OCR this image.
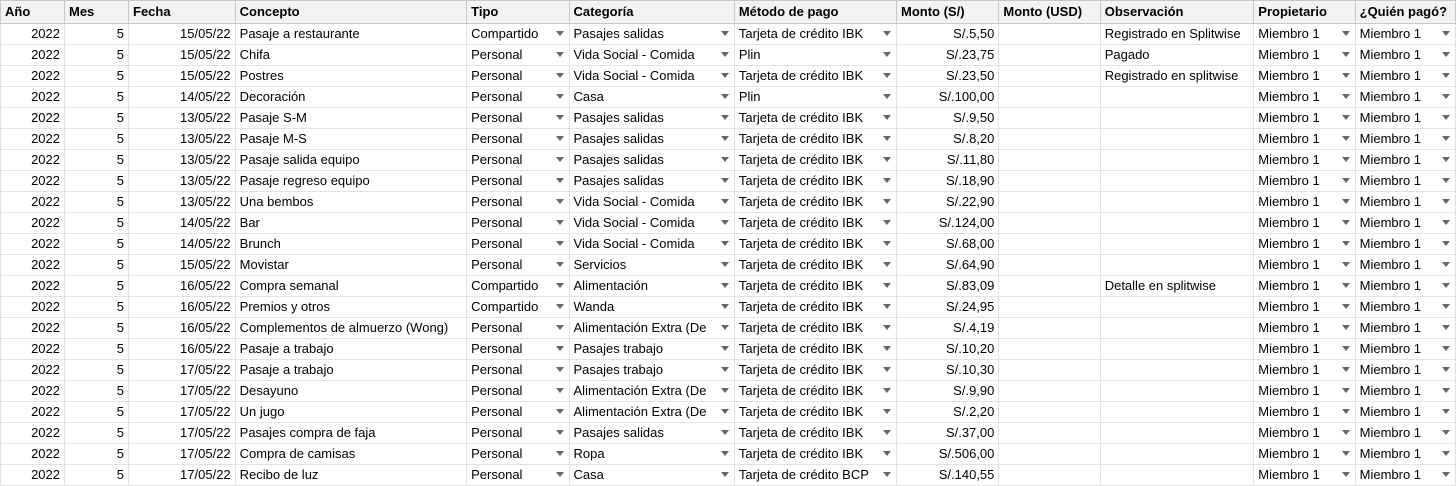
Año	Mes	Fecha	Concepto	Tipo	Categoría	Método de pago	Monto (S/)	Monto (USD)	Observación	Propietario	¿Quién pagó?
2022	5	15/05/22	Pasaje a restaurante	Compartido	Pasajes salidas	Tarjeta de crédito IBK	S/.5,50		Registrado en Splitwise	Miembro 1	Miembro 1

2022	5	15/05/22	Chifa	Personal	Vida Social - Comida	Plin	S/.23,75		Pagado	Miembro 1	Miembro 1

2022	5	15/05/22	Postres	Personal	Vida Social - Comida	Tarjeta de crédito IBK	S/.23,50		Registrado en splitwise	Miembro 1	Miembro 1

2022	5	14/05/22	Decoración	Personal	Casa	Plin	S/.100,00			Miembro 1	Miembro 1

2022	5	13/05/22	Pasaje S-M	Personal	Pasajes salidas	Tarjeta de crédito IBK	S/.9,50			Miembro 1	Miembro 1

2022	5	13/05/22	Pasaje M-S	Personal	Pasajes salidas	Tarjeta de crédito IBK	S/.8,20			Miembro 1	Miembro 1

2022	5	13/05/22	Pasaje salida equipo	Personal	Pasajes salidas	Tarjeta de crédito IBK	S/.11,80			Miembro 1	Miembro 1

2022	5	13/05/22	Pasaje regreso equipo	Personal	Pasajes salidas	Tarjeta de crédito IBK	S/.18,90			Miembro 1	Miembro 1

2022	5	13/05/22	Una bembos	Personal	Vida Social - Comida	Tarjeta de crédito IBK	S/.22,90			Miembro 1	Miembro 1

2022	5	14/05/22	Bar	Personal	Vida Social - Comida	Tarjeta de crédito IBK	S/.124,00			Miembro 1	Miembro 1

2022	5	14/05/22	Brunch	Personal	Vida Social - Comida	Tarjeta de crédito IBK	S/.68,00			Miembro 1	Miembro 1

2022	5	15/05/22	Movistar	Personal	Servicios	Tarjeta de crédito IBK	S/.64,90			Miembro 1	Miembro 1

2022	5	16/05/22	Compra semanal	Compartido	Alimentación	Tarjeta de crédito IBK	S/.83,09		Detalle en splitwise	Miembro 1	Miembro 1

2022	5	16/05/22	Premios y otros	Compartido	Wanda	Tarjeta de crédito IBK	S/.24,95			Miembro 1	Miembro 1

2022	5	16/05/22	Complementos de almuerzo (Wong)	Personal	Alimentación Extra (De	Tarjeta de crédito IBK	S/.4,19			Miembro 1	Miembro 1

2022	5	16/05/22	Pasaje a trabajo	Personal	Pasajes trabajo	Tarjeta de crédito IBK	S/.10,20			Miembro 1	Miembro 1

2022	5	17/05/22	Pasaje a trabajo	Personal	Pasajes trabajo	Tarjeta de crédito IBK	S/.10,30			Miembro 1	Miembro 1

2022	5	17/05/22	Desayuno	Personal	Alimentación Extra (De	Tarjeta de crédito IBK	S/.9,90			Miembro 1	Miembro 1

2022	5	17/05/22	Un jugo	Personal	Alimentación Extra (De	Tarjeta de crédito IBK	S/.2,20			Miembro 1	Miembro 1

2022	5	17/05/22	Pasajes compra de faja	Personal	Pasajes salidas	Tarjeta de crédito IBK	S/.37,00			Miembro 1	Miembro 1

2022	5	17/05/22	Compra de camisas	Personal	Ropa	Tarjeta de crédito IBK	S/.506,00			Miembro 1	Miembro 1

2022	5	17/05/22	Recibo de luz	Personal	Casa	Tarjeta de crédito BCP	S/.140,55			Miembro 1	Miembro 1
